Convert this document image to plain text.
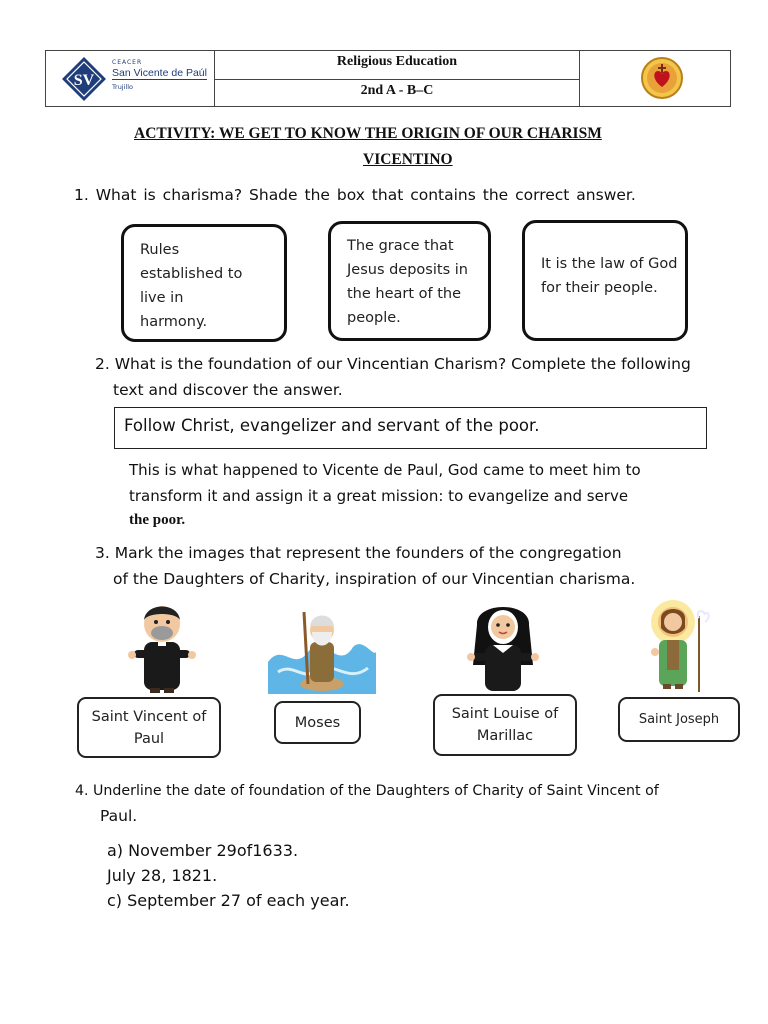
SV
CEACER
San Vicente de Paúl
Trujillo
Religious Education
2nd A - B–C
ACTIVITY: WE GET TO KNOW THE ORIGIN OF OUR CHARISM
VICENTINO
1. What is charisma? Shade the box that contains the correct answer.
Rules established to live in harmony.
The grace that Jesus deposits in the heart of the people.
It is the law of God for their people.
2. What is the foundation of our Vincentian Charism? Complete the following
text and discover the answer.
Follow Christ, evangelizer and servant of the poor.
This is what happened to Vicente de Paul, God came to meet him to
transform it and assign it a great mission: to evangelize and serve
the poor.
3. Mark the images that represent the founders of the congregation
of the Daughters of Charity, inspiration of our Vincentian charisma.
Saint Vincent of Paul
Moses
Saint Louise of Marillac
Saint Joseph
4. Underline the date of foundation of the Daughters of Charity of Saint Vincent of
Paul.
a) November 29of1633.
July 28, 1821.
c) September 27 of each year.
